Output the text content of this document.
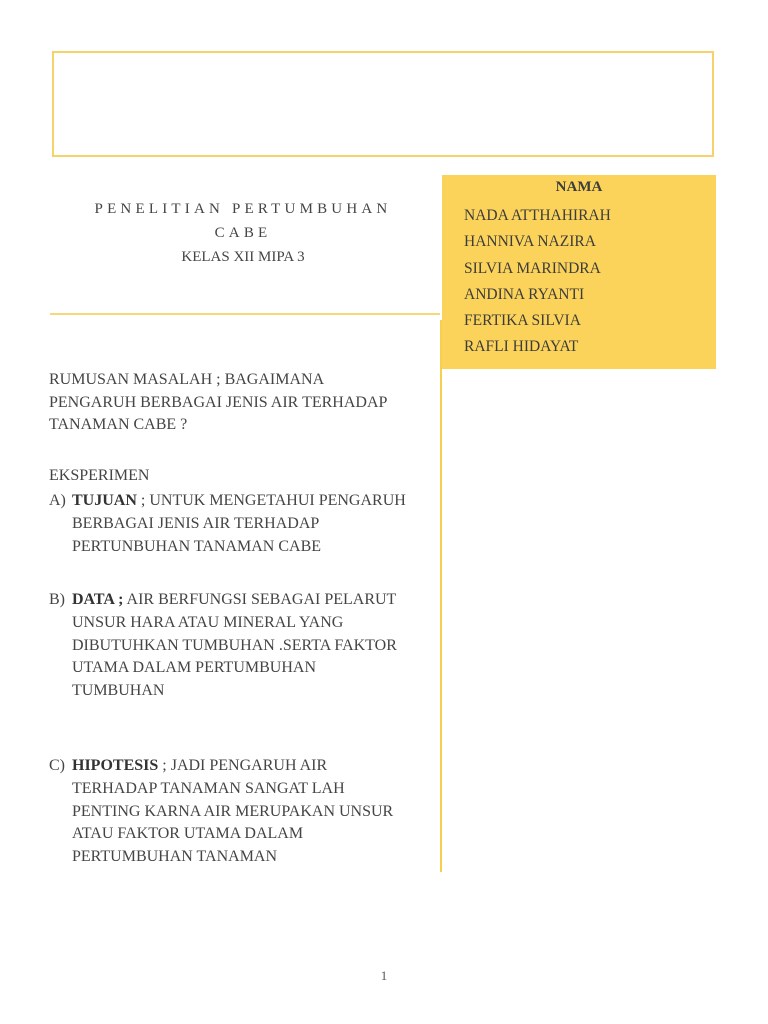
PENELITIAN PERTUMBUHAN
CABE
KELAS XII MIPA 3
NAMA
NADA ATTHAHIRAH
HANNIVA NAZIRA
SILVIA MARINDRA
ANDINA RYANTI
FERTIKA SILVIA
RAFLI HIDAYAT
RUMUSAN MASALAH ; BAGAIMANA
PENGARUH BERBAGAI JENIS AIR TERHADAP
TANAMAN CABE ?
EKSPERIMEN
A) TUJUAN ; UNTUK MENGETAHUI PENGARUH
BERBAGAI JENIS AIR TERHADAP
PERTUNBUHAN TANAMAN CABE
B) DATA ; AIR BERFUNGSI SEBAGAI PELARUT
UNSUR HARA ATAU MINERAL YANG
DIBUTUHKAN TUMBUHAN .SERTA FAKTOR
UTAMA DALAM PERTUMBUHAN
TUMBUHAN
C) HIPOTESIS ; JADI PENGARUH AIR
TERHADAP TANAMAN SANGAT LAH
PENTING KARNA AIR MERUPAKAN UNSUR
ATAU FAKTOR UTAMA DALAM
PERTUMBUHAN TANAMAN
1
